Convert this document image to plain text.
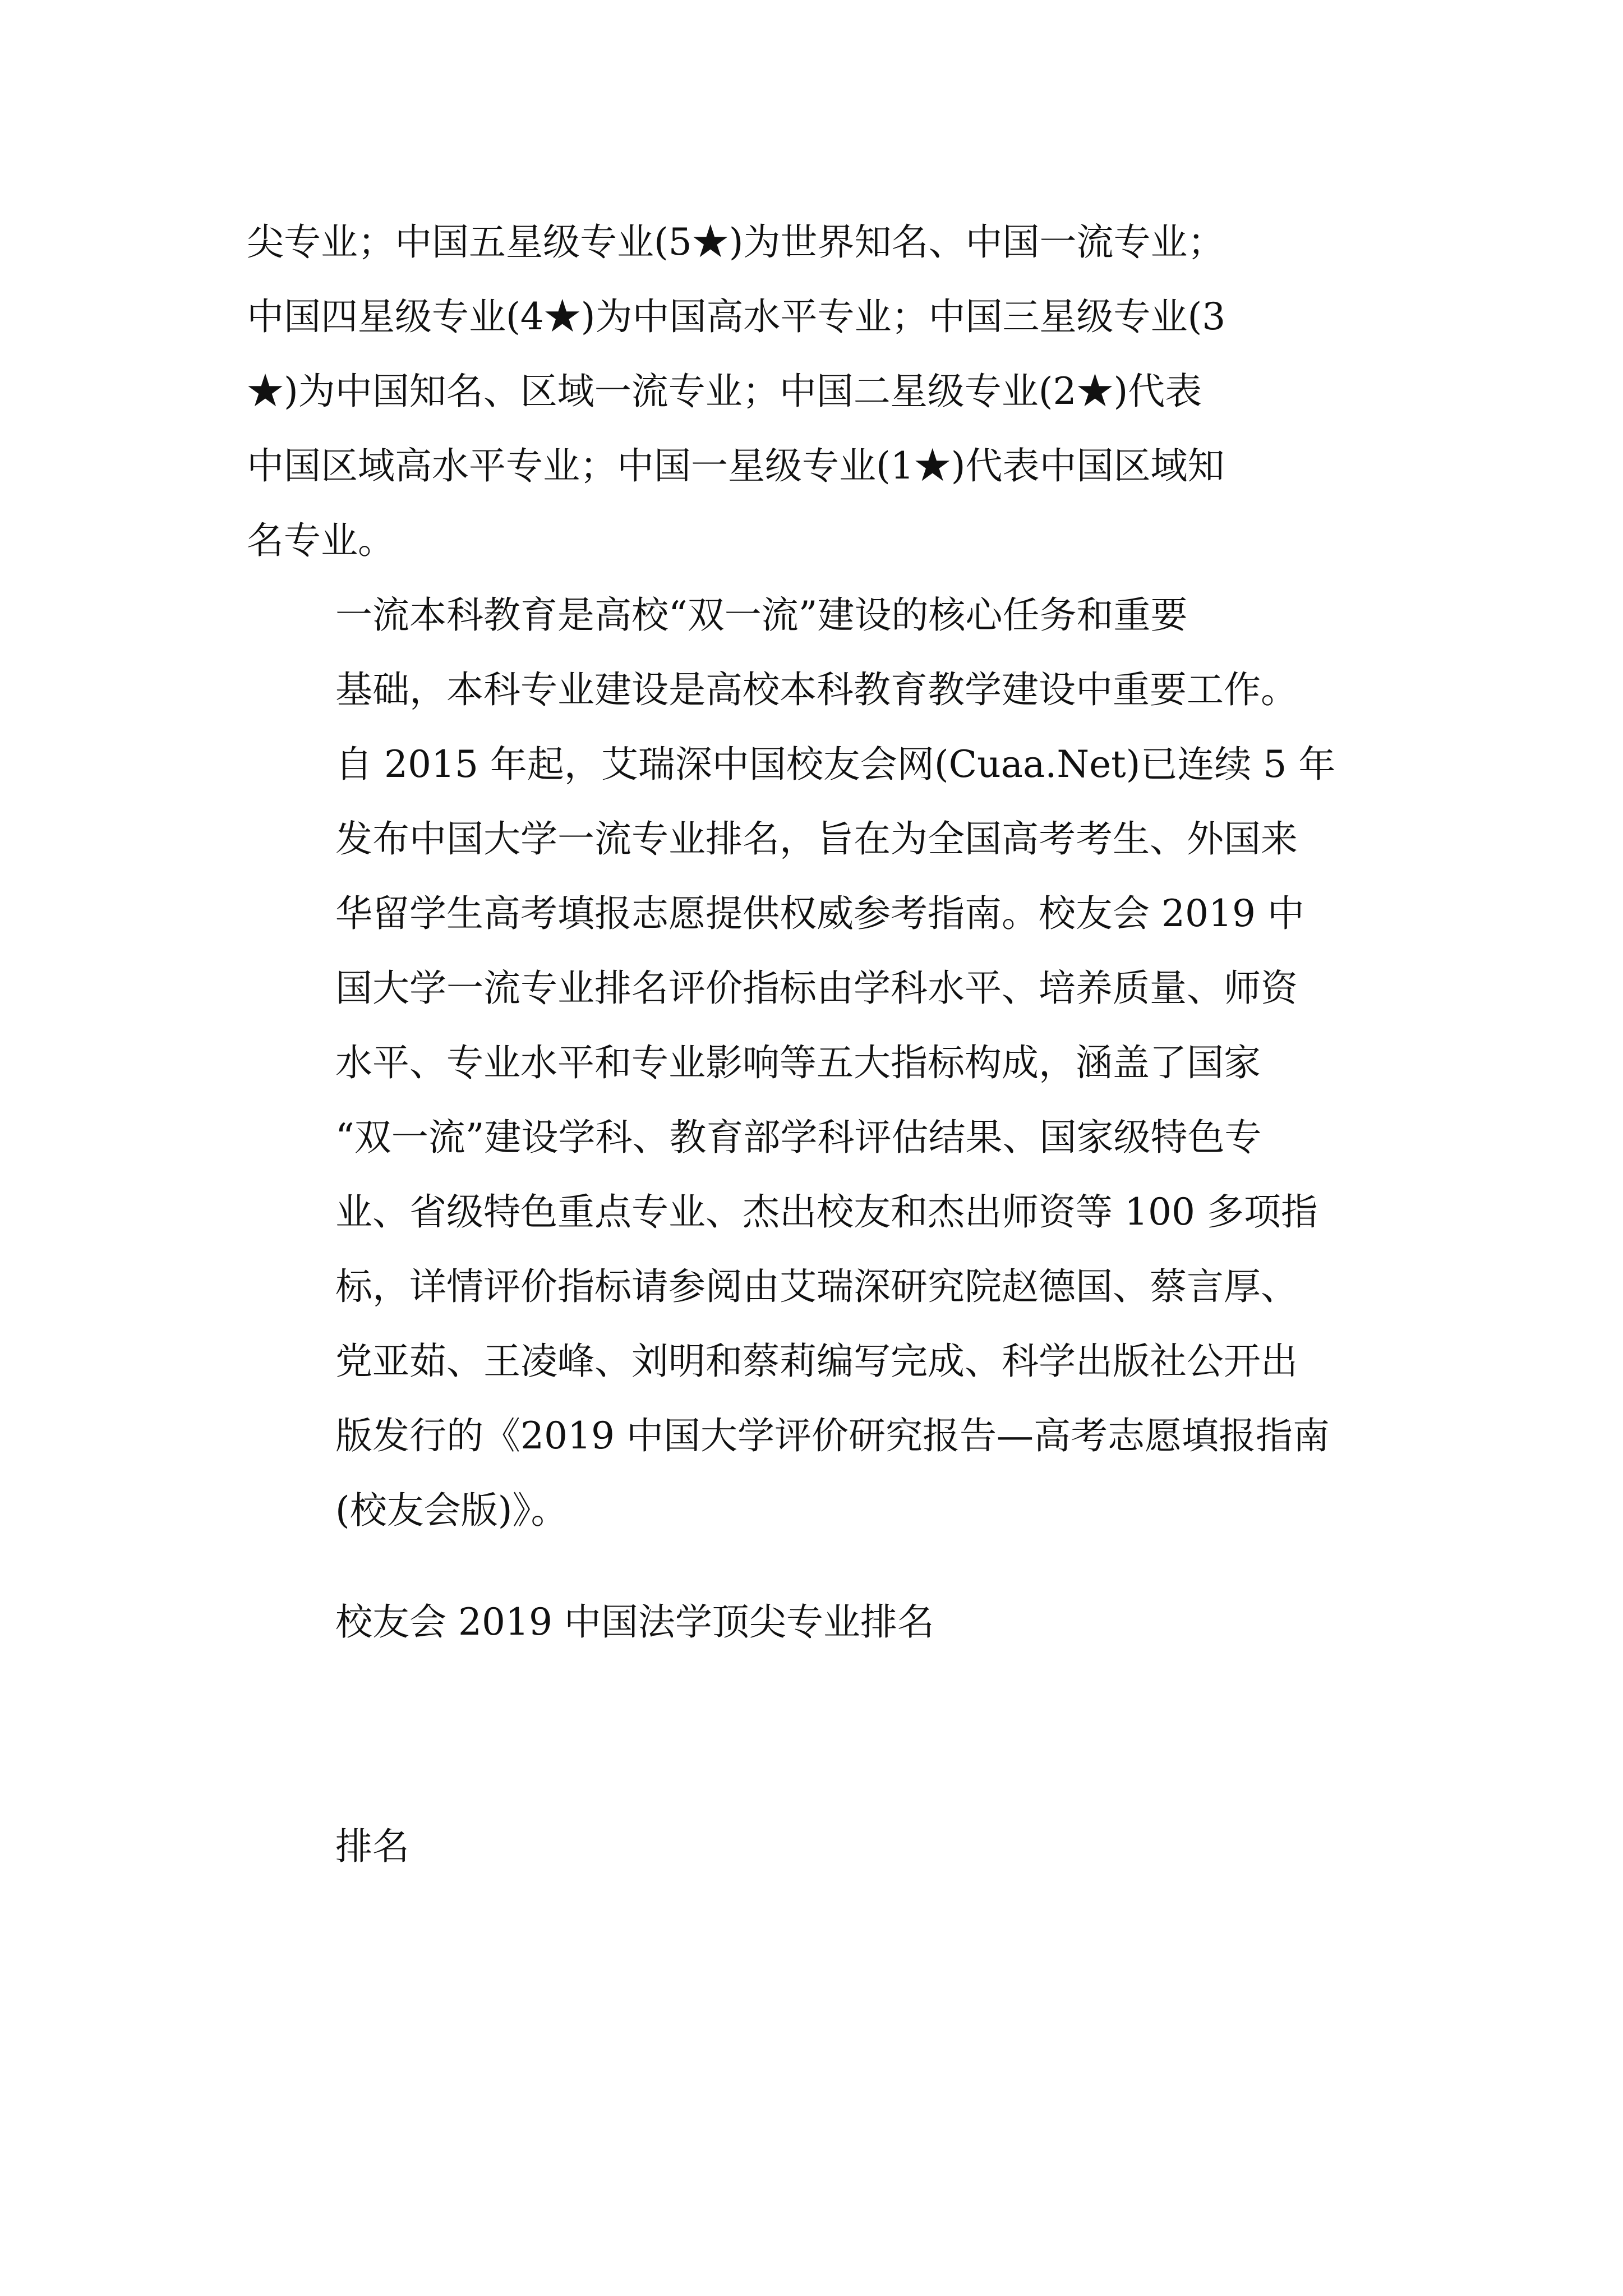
尖专业；中国五星级专业(5★)为世界知名、中国一流专业；
中国四星级专业(4★)为中国高水平专业；中国三星级专业(3
★)为中国知名、区域一流专业；中国二星级专业(2★)代表
中国区域高水平专业；中国一星级专业(1★)代表中国区域知
名专业。
一流本科教育是高校“双一流”建设的核心任务和重要
基础，本科专业建设是高校本科教育教学建设中重要工作。
自 2015 年起，艾瑞深中国校友会网(Cuaa.Net)已连续 5 年
发布中国大学一流专业排名，旨在为全国高考考生、外国来
华留学生高考填报志愿提供权威参考指南。校友会 2019 中
国大学一流专业排名评价指标由学科水平、培养质量、师资
水平、专业水平和专业影响等五大指标构成，涵盖了国家
“双一流”建设学科、教育部学科评估结果、国家级特色专
业、省级特色重点专业、杰出校友和杰出师资等 100 多项指
标，详情评价指标请参阅由艾瑞深研究院赵德国、蔡言厚、
党亚茹、王凌峰、刘明和蔡莉编写完成、科学出版社公开出
版发行的《2019 中国大学评价研究报告—高考志愿填报指南
(校友会版)》。
校友会 2019 中国法学顶尖专业排名
排名
